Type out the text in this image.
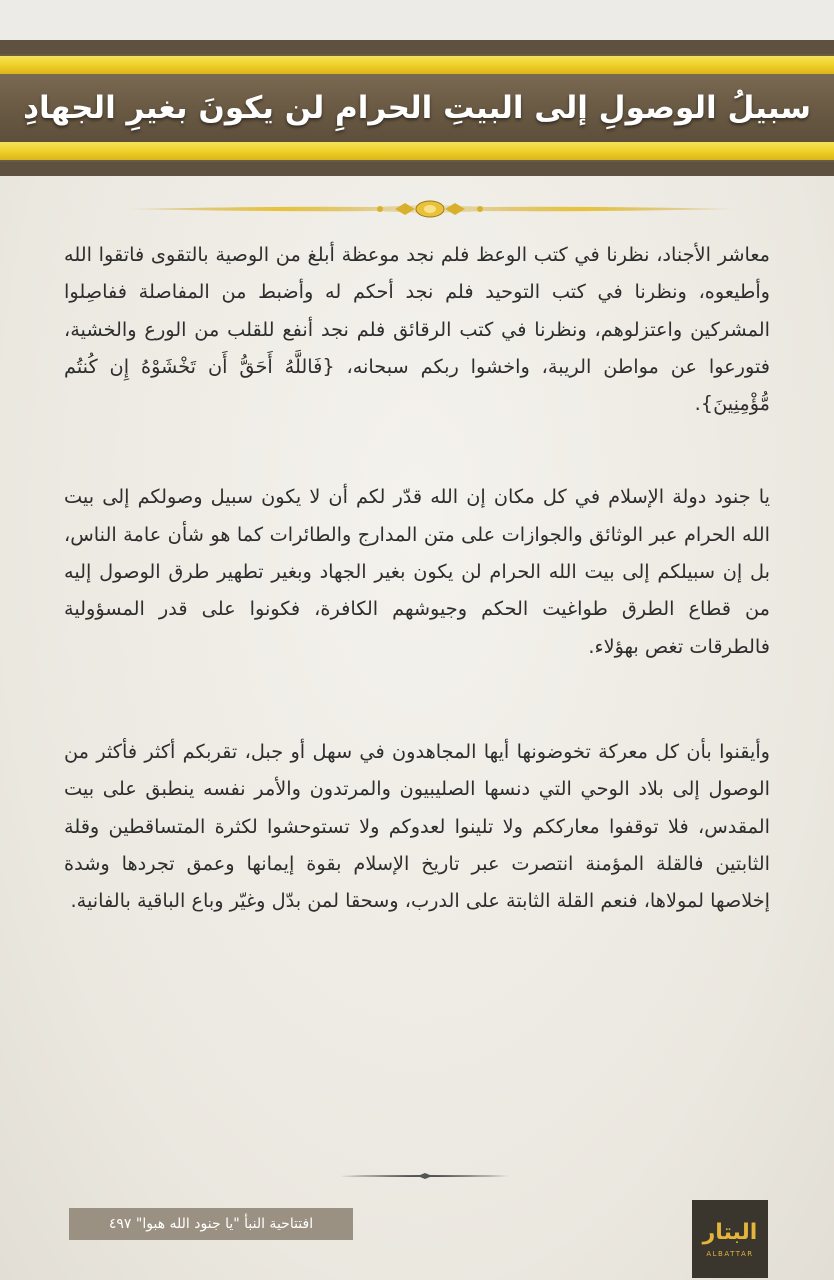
سبيلُ الوصولِ إلى البيتِ الحرامِ لن يكونَ بغيرِ الجهادِ

معاشر الأجناد، نظرنا في كتب الوعظ فلم نجد موعظة أبلغ من الوصية بالتقوى فاتقوا الله وأطيعوه، ونظرنا في كتب التوحيد فلم نجد أحكم له وأضبط من المفاصلة ففاصِلوا المشركين واعتزلوهم، ونظرنا في كتب الرقائق فلم نجد أنفع للقلب من الورع والخشية، فتورعوا عن مواطن الريبة، واخشوا ربكم سبحانه، {فَاللَّهُ أَحَقُّ أَن تَخْشَوْهُ إِن كُنتُم مُّؤْمِنِينَ}.

يا جنود دولة الإسلام في كل مكان إن الله قدّر لكم أن لا يكون سبيل وصولكم إلى بيت الله الحرام عبر الوثائق والجوازات على متن المدارج والطائرات كما هو شأن عامة الناس، بل إن سبيلكم إلى بيت الله الحرام لن يكون بغير الجهاد وبغير تطهير طرق الوصول إليه من قطاع الطرق طواغيت الحكم وجيوشهم الكافرة، فكونوا على قدر المسؤولية فالطرقات تغص بهؤلاء.

وأيقنوا بأن كل معركة تخوضونها أيها المجاهدون في سهل أو جبل، تقربكم أكثر فأكثر من الوصول إلى بلاد الوحي التي دنسها الصليبيون والمرتدون والأمر نفسه ينطبق على بيت المقدس، فلا توقفوا معارككم ولا تلينوا لعدوكم ولا تستوحشوا لكثرة المتساقطين وقلة الثابتين فالقلة المؤمنة انتصرت عبر تاريخ الإسلام بقوة إيمانها وعمق تجردها وشدة إخلاصها لمولاها، فنعم القلة الثابتة على الدرب، وسحقا لمن بدّل وغيّر وباع الباقية بالفانية.

افتتاحية النبأ "يا جنود الله هبوا" ٤٩٧	البتار
ALBATTAR
